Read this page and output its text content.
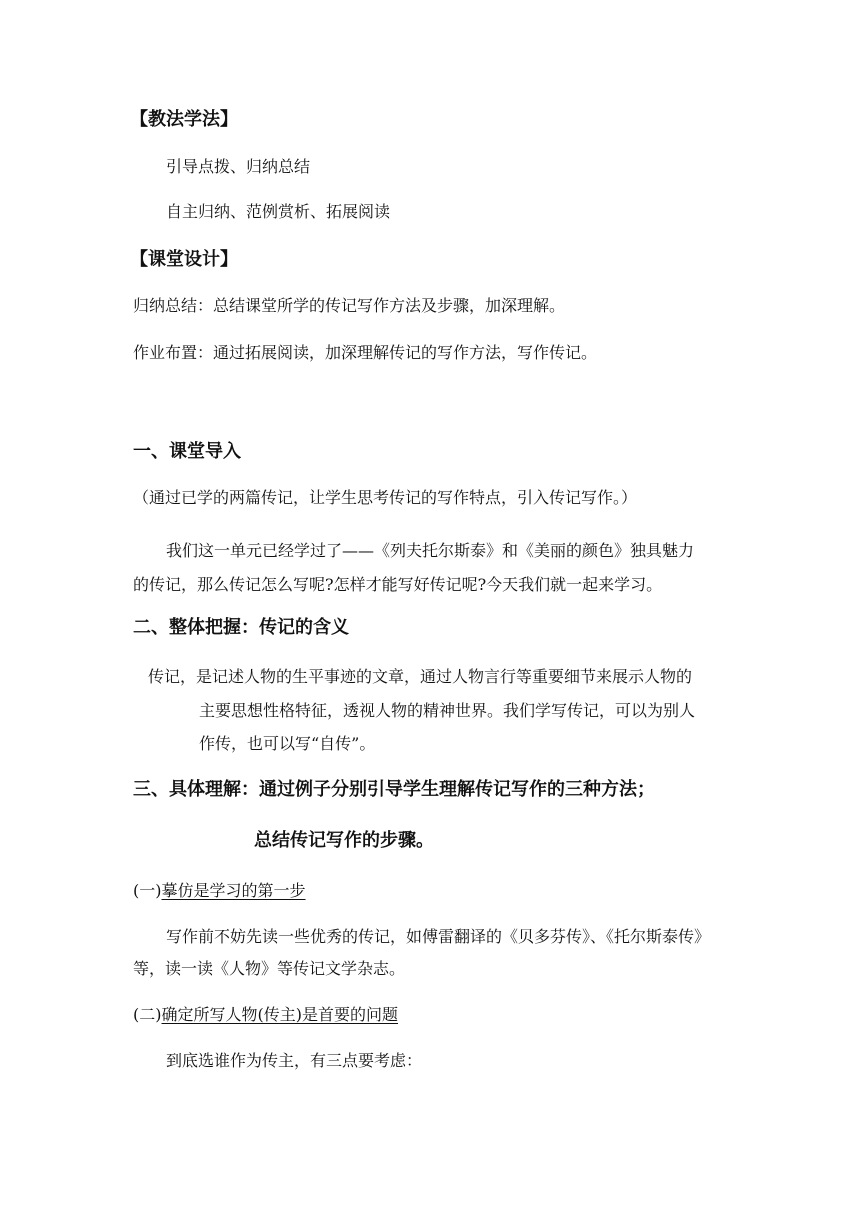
【教法学法】
引导点拨、归纳总结
自主归纳、范例赏析、拓展阅读
【课堂设计】
归纳总结：总结课堂所学的传记写作方法及步骤，加深理解。
作业布置：通过拓展阅读，加深理解传记的写作方法，写作传记。
一、课堂导入
（通过已学的两篇传记，让学生思考传记的写作特点，引入传记写作。）
我们这一单元已经学过了——《列夫托尔斯泰》和《美丽的颜色》独具魅力
的传记，那么传记怎么写呢?怎样才能写好传记呢?今天我们就一起来学习。
二、整体把握：传记的含义
传记，是记述人物的生平事迹的文章，通过人物言行等重要细节来展示人物的
主要思想性格特征，透视人物的精神世界。我们学写传记，可以为别人
作传，也可以写“自传”。
三、具体理解：通过例子分别引导学生理解传记写作的三种方法；
总结传记写作的步骤。
(一)摹仿是学习的第一步
写作前不妨先读一些优秀的传记，如傅雷翻译的《贝多芬传》、《托尔斯泰传》
等，读一读《人物》等传记文学杂志。
(二)确定所写人物(传主)是首要的问题
到底选谁作为传主，有三点要考虑：
